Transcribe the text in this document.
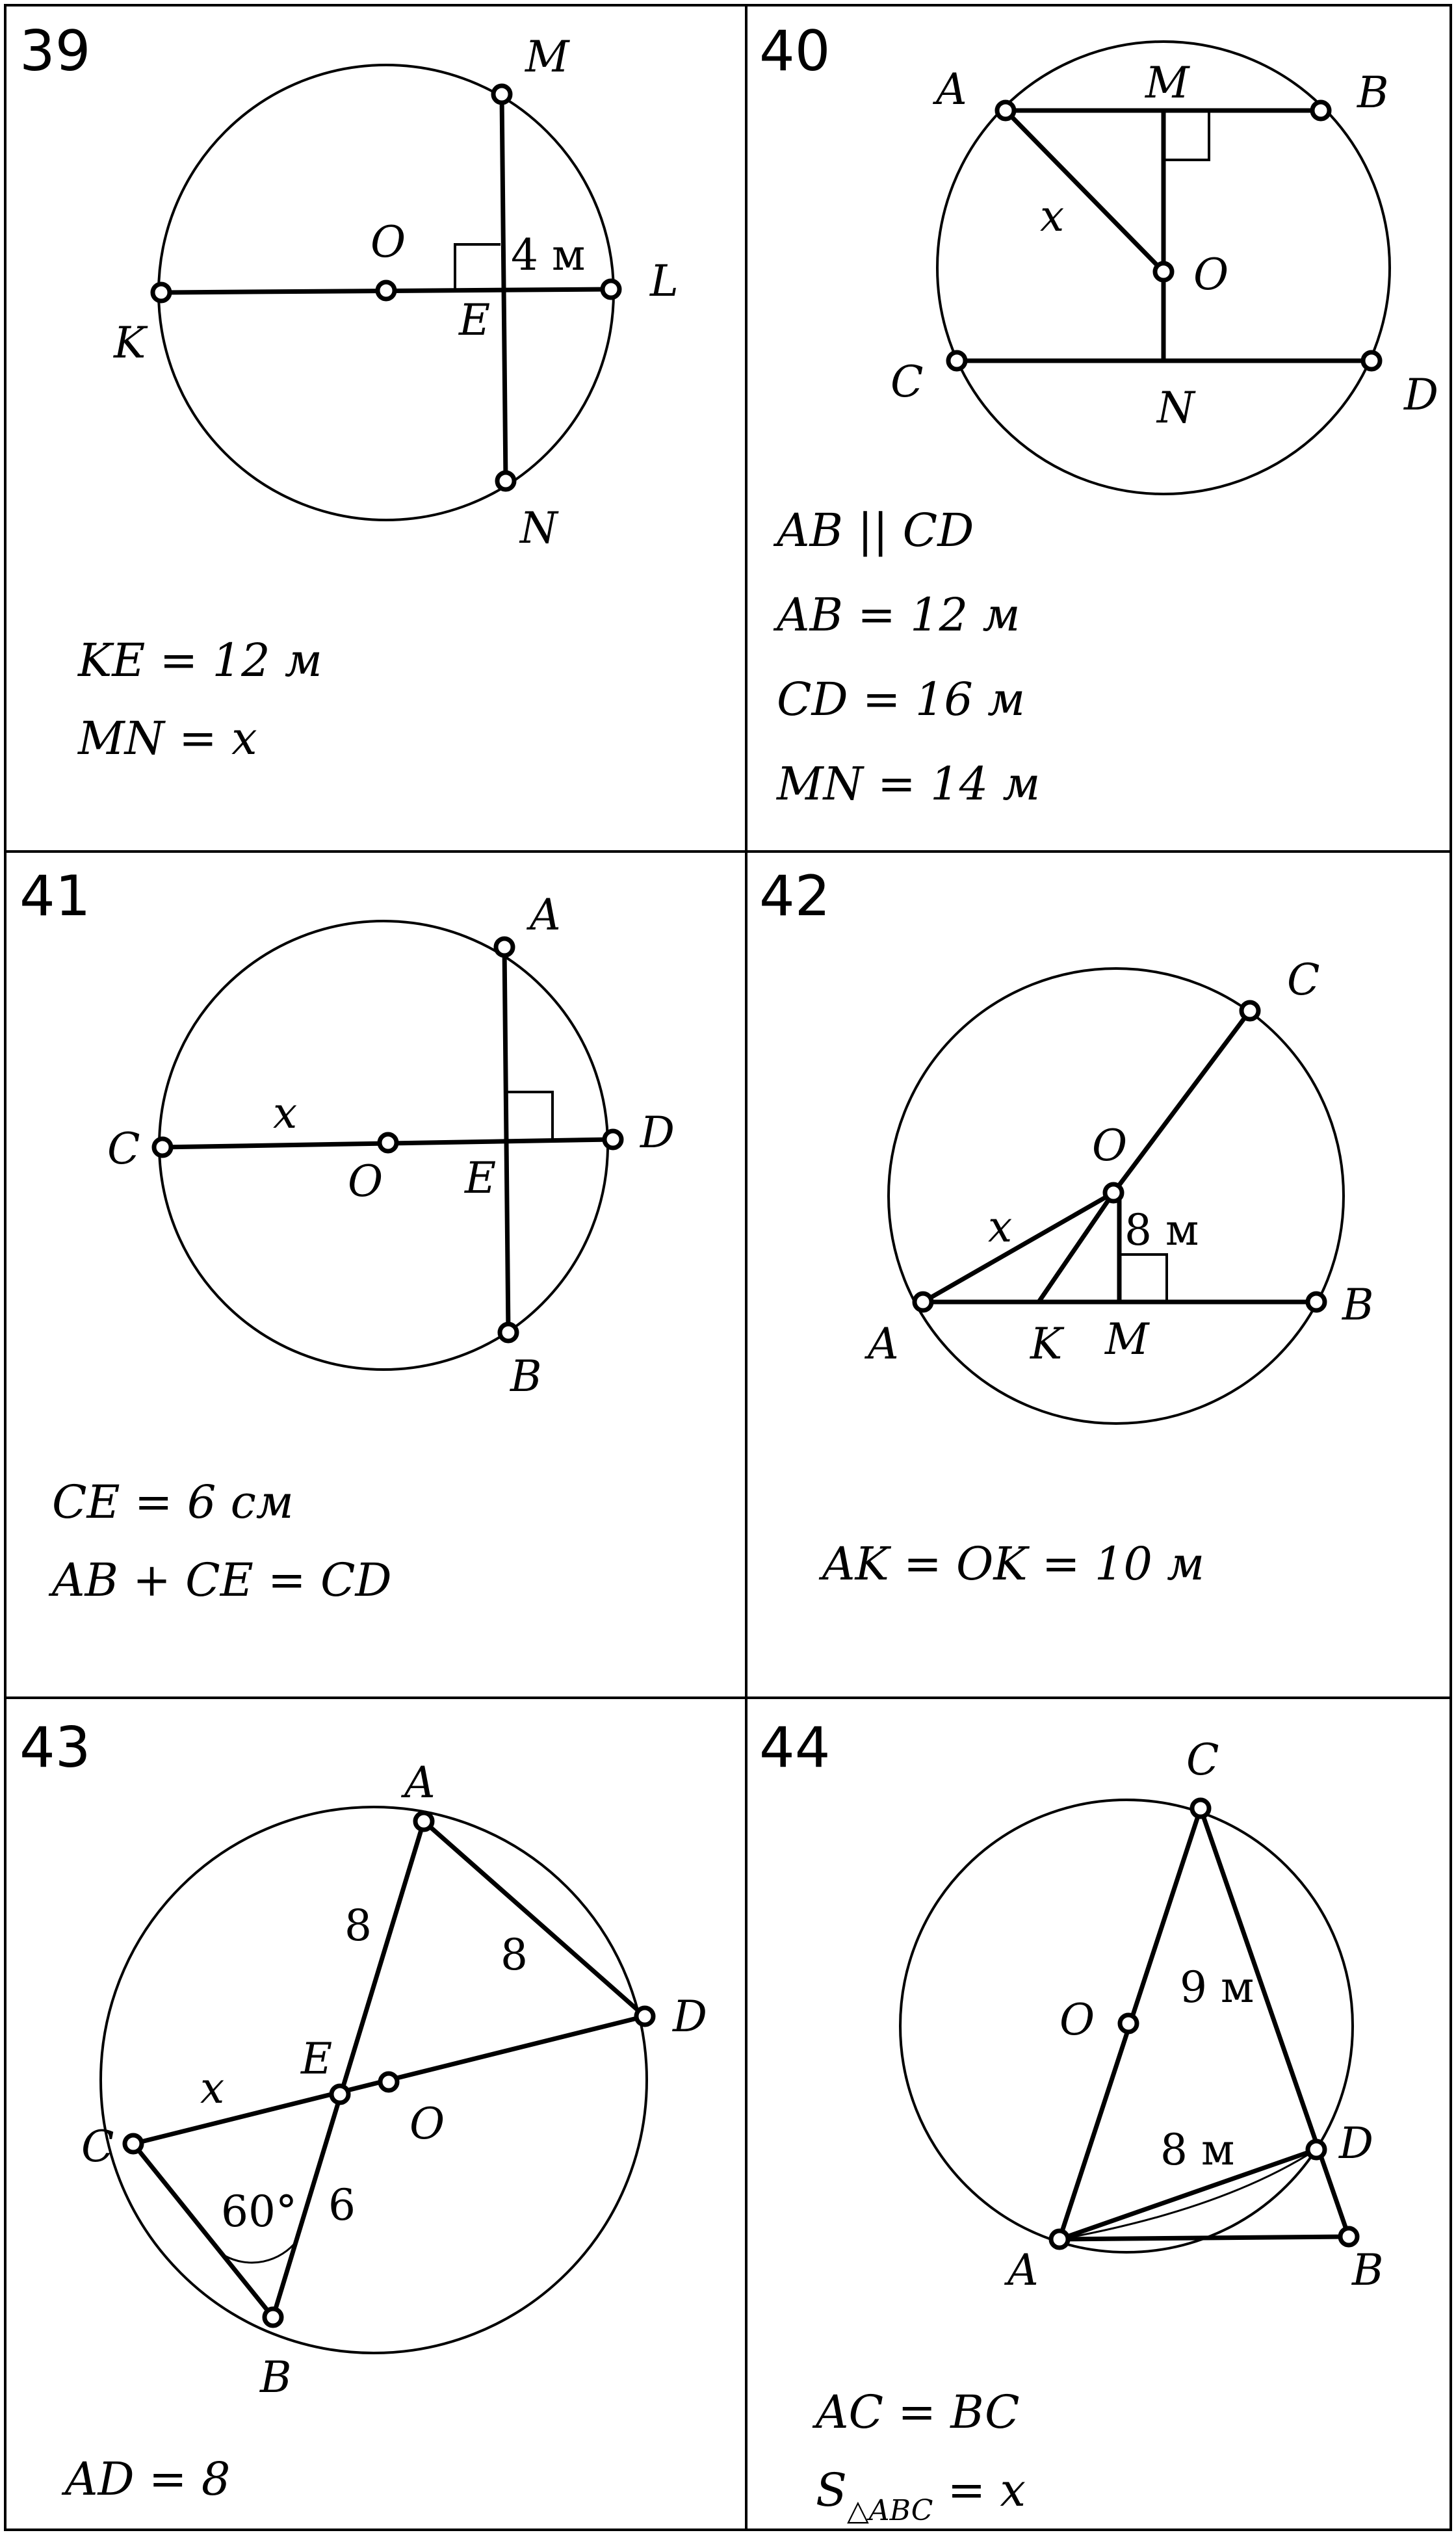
39	M
O 4 м
L
K	E
N
KE = 12 м
MN = x
40
A	M	B
x
O
C
N	D
AB || CD
AB = 12 м
CD = 16 м
MN = 14 м
41	A
x
C
O E
D
B
CE = 6 см
AB + CE = CD
42
C
O
x	8 м
A	K M
B
AK = OK = 10 м
43
A
8
8
D
E
x
O
C
60° 6
B
AD = 8
44	C
O
9 м
8 м D
A	B
AC = BC
$S_{\triangle ABC} = x$
